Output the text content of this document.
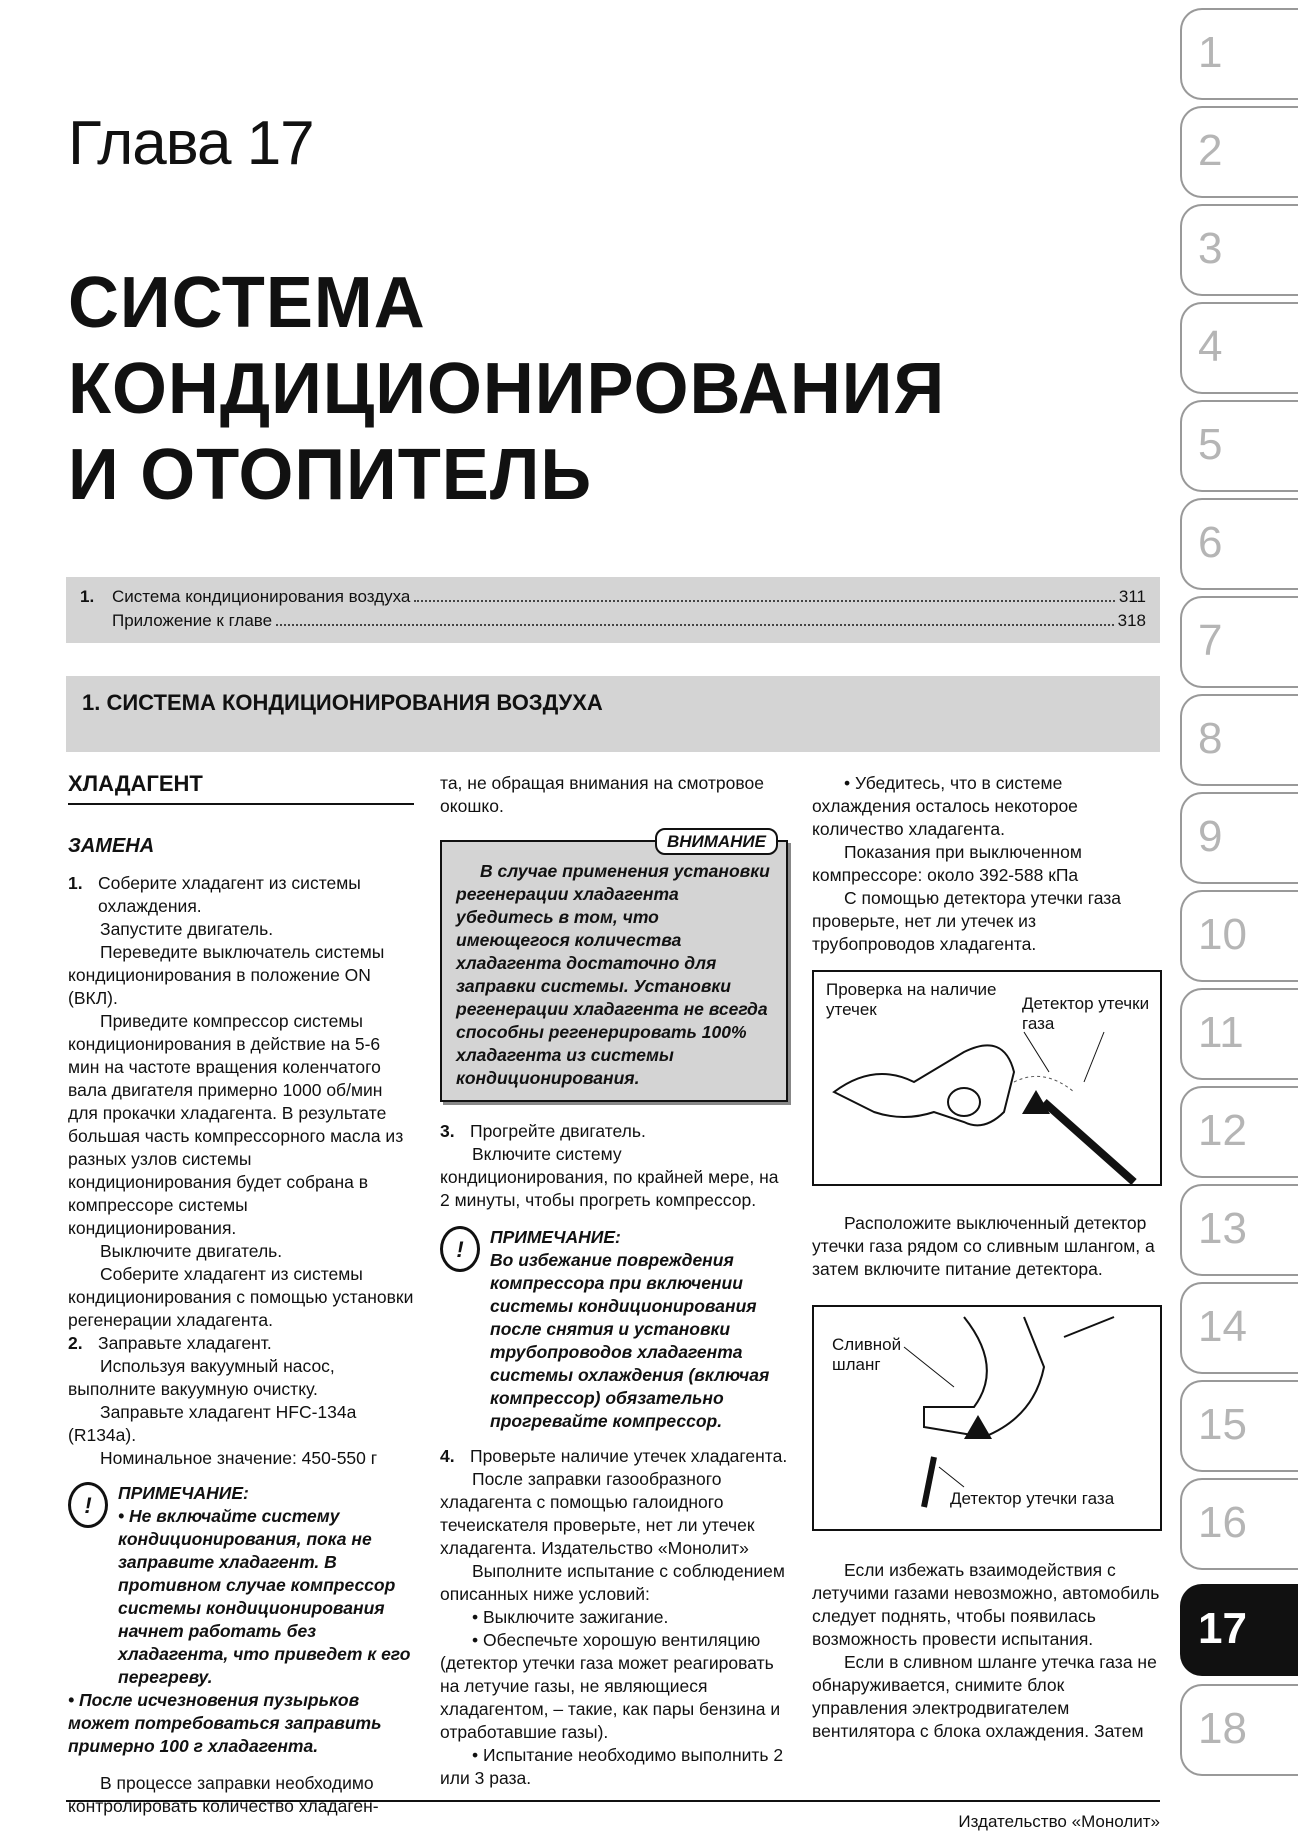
Глава 17
СИСТЕМА
КОНДИЦИОНИРОВАНИЯ
И ОТОПИТЕЛЬ
1.	Система кондиционирования воздуха	311
Приложение к главе	318
1. СИСТЕМА КОНДИЦИОНИРОВАНИЯ ВОЗДУХА
ХЛАДАГЕНТ
ЗАМЕНА
1. Соберите хладагент из системы охлаждения.

Запустите двигатель.

Переведите выключатель системы кондиционирования в положение ON (ВКЛ).

Приведите компрессор системы кондиционирования в действие на 5-6 мин на частоте вращения коленчатого вала двигателя примерно 1000 об/мин для прокачки хладагента. В результате большая часть компрессорного масла из разных узлов системы кондиционирования будет собрана в компрессоре системы кондиционирования.

Выключите двигатель.

Соберите хладагент из системы кондиционирования с помощью установки регенерации хладагента.

2. Заправьте хладагент.

Используя вакуумный насос, выполните вакуумную очистку.

Заправьте хладагент HFC-134a (R134a).

Номинальное значение: 450-550 г

!	ПРИМЕЧАНИЕ:
• Не включайте систему кондиционирования, пока не заправите хладагент. В противном случае компрессор системы кондиционирования начнет работать без хладагента, что приведет к его перегреву.
• После исчезновения пузырьков может потребоваться заправить примерно 100 г хладагента.

В процессе заправки необходимо контролировать количество хладаген-

та, не обращая внимания на смотровое окошко.

ВНИМАНИЕ
В случае применения установки регенерации хладагента убедитесь в том, что имеющегося количества хладагента достаточно для заправки системы. Установки регенерации хладагента не всегда способны регенерировать 100% хладагента из системы кондиционирования.
3. Прогрейте двигатель.

Включите систему кондиционирования, по крайней мере, на 2 минуты, чтобы прогреть компрессор.

!	ПРИМЕЧАНИЕ:
Во избежание повреждения компрессора при включении системы кондиционирования после снятия и установки трубопроводов хладагента системы охлаждения (включая компрессор) обязательно прогревайте компрессор.
4. Проверьте наличие утечек хладагента.

После заправки газообразного хладагента с помощью галоидного течеискателя проверьте, нет ли утечек хладагента. Издательство «Монолит»

Выполните испытание с соблюдением описанных ниже условий:

• Выключите зажигание.

• Обеспечьте хорошую вентиляцию (детектор утечки газа может реагировать на летучие газы, не являющиеся хладагентом, – такие, как пары бензина и отработавшие газы).

• Испытание необходимо выполнить 2 или 3 раза.

• Убедитесь, что в системе охлаждения осталось некоторое количество хладагента.

Показания при выключенном компрессоре: около 392-588 кПа

С помощью детектора утечки газа проверьте, нет ли утечек из трубопроводов хладагента.

Проверка на наличие утечек	Детектор утечки газа

Расположите выключенный детектор утечки газа рядом со сливным шлангом, а затем включите питание детектора.

Сливной шланг
Детектор утечки газа

Если избежать взаимодействия с летучими газами невозможно, автомобиль следует поднять, чтобы появилась возможность провести испытания.

Если в сливном шланге утечка газа не обнаруживается, снимите блок управления электродвигателем вентилятора с блока охлаждения. Затем

1
2
3
4
5
6
7
8
9
10
11
12
13
14
15
16
17
18
Издательство «Монолит»
